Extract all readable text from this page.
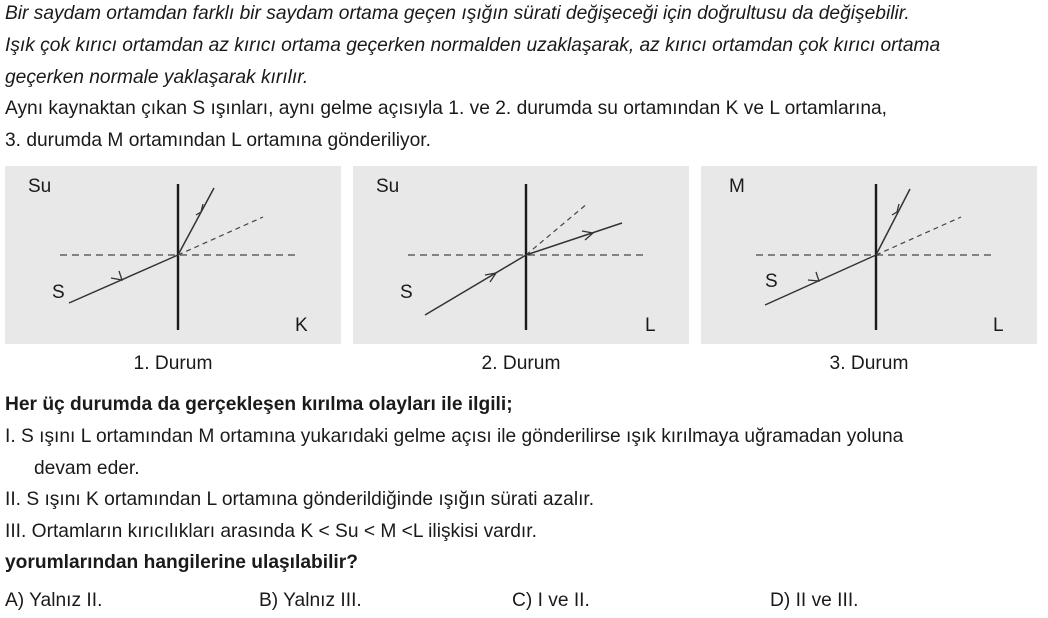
Bir saydam ortamdan farklı bir saydam ortama geçen ışığın sürati değişeceği için doğrultusu da değişebilir.
Işık çok kırıcı ortamdan az kırıcı ortama geçerken normalden uzaklaşarak, az kırıcı ortamdan çok kırıcı ortama
geçerken normale yaklaşarak kırılır.
Aynı kaynaktan çıkan S ışınları, aynı gelme açısıyla 1. ve 2. durumda su ortamından K ve L ortamlarına,
3. durumda M ortamından L ortamına gönderiliyor.
Su
S
K
1. Durum
Su
S
L
2. Durum
M
S
L
3. Durum
Her üç durumda da gerçekleşen kırılma olayları ile ilgili;
I. S ışını L ortamından M ortamına yukarıdaki gelme açısı ile gönderilirse ışık kırılmaya uğramadan yoluna
devam eder.
II. S ışını K ortamından L ortamına gönderildiğinde ışığın sürati azalır.
III. Ortamların kırıcılıkları arasında K < Su < M <L ilişkisi vardır.
yorumlarından hangilerine ulaşılabilir?
A) Yalnız II.	B) Yalnız III.	C) I ve II.	D) II ve III.
